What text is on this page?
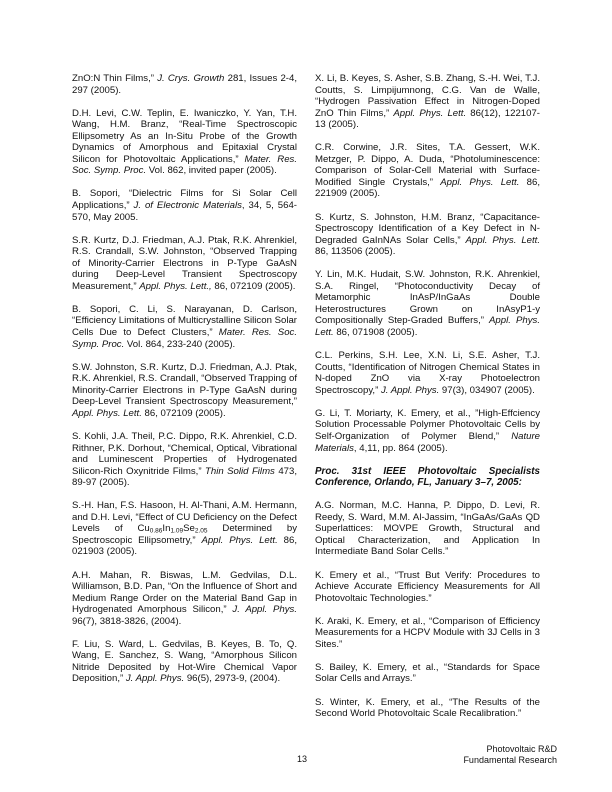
ZnO:N Thin Films,” J. Crys. Growth 281, Issues 2-4, 297 (2005).

D.H. Levi, C.W. Teplin, E. Iwaniczko, Y. Yan, T.H. Wang, H.M. Branz, “Real-Time Spectroscopic Ellipsometry As an In-Situ Probe of the Growth Dynamics of Amorphous and Epitaxial Crystal Silicon for Photovoltaic Applications,” Mater. Res. Soc. Symp. Proc. Vol. 862, invited paper (2005).

B. Sopori, “Dielectric Films for Si Solar Cell Applications,” J. of Electronic Materials, 34, 5, 564-570, May 2005.

S.R. Kurtz, D.J. Friedman, A.J. Ptak, R.K. Ahrenkiel, R.S. Crandall, S.W. Johnston, “Observed Trapping of Minority-Carrier Electrons in P-Type GaAsN during Deep-Level Transient Spectroscopy Measurement,” Appl. Phys. Lett., 86, 072109 (2005).

B. Sopori, C. Li, S. Narayanan, D. Carlson, “Efficiency Limitations of Multicrystalline Silicon Solar Cells Due to Defect Clusters,” Mater. Res. Soc. Symp. Proc. Vol. 864, 233-240 (2005).

S.W. Johnston, S.R. Kurtz, D.J. Friedman, A.J. Ptak, R.K. Ahrenkiel, R.S. Crandall, “Observed Trapping of Minority-Carrier Electrons in P-Type GaAsN during Deep-Level Transient Spectroscopy Measurement,” Appl. Phys. Lett. 86, 072109 (2005).

S. Kohli, J.A. Theil, P.C. Dippo, R.K. Ahrenkiel, C.D. Rithner, P.K. Dorhout, “Chemical, Optical, Vibrational and Luminescent Properties of Hydrogenated Silicon-Rich Oxynitride Films,” Thin Solid Films 473, 89-97 (2005).

S.-H. Han, F.S. Hasoon, H. Al-Thani, A.M. Hermann, and D.H. Levi, “Effect of CU Deficiency on the Defect Levels of $Cu_{0.86}In_{1.09}Se_{2.05}$ Determined by Spectroscopic Ellipsometry,” Appl. Phys. Lett. 86, 021903 (2005).

A.H. Mahan, R. Biswas, L.M. Gedvilas, D.L. Williamson, B.D. Pan, “On the Influence of Short and Medium Range Order on the Material Band Gap in Hydrogenated Amorphous Silicon,” J. Appl. Phys. 96(7), 3818-3826, (2004).

F. Liu, S. Ward, L. Gedvilas, B. Keyes, B. To, Q. Wang, E. Sanchez, S. Wang, “Amorphous Silicon Nitride Deposited by Hot-Wire Chemical Vapor Deposition,” J. Appl. Phys. 96(5), 2973-9, (2004).

X. Li, B. Keyes, S. Asher, S.B. Zhang, S.-H. Wei, T.J. Coutts, S. Limpijumnong, C.G. Van de Walle, “Hydrogen Passivation Effect in Nitrogen-Doped ZnO Thin Films,” Appl. Phys. Lett. 86(12), 122107-13 (2005).

C.R. Corwine, J.R. Sites, T.A. Gessert, W.K. Metzger, P. Dippo, A. Duda, “Photoluminescence: Comparison of Solar-Cell Material with Surface-Modified Single Crystals,” Appl. Phys. Lett. 86, 221909 (2005).

S. Kurtz, S. Johnston, H.M. Branz, “Capacitance-Spectroscopy Identification of a Key Defect in N-Degraded GaInNAs Solar Cells,” Appl. Phys. Lett. 86, 113506 (2005).

Y. Lin, M.K. Hudait, S.W. Johnston, R.K. Ahrenkiel, S.A. Ringel, “Photoconductivity Decay of Metamorphic InAsP/InGaAs Double Heterostructures Grown on InAsyP1-y Compositionally Step-Graded Buffers,” Appl. Phys. Lett. 86, 071908 (2005).

C.L. Perkins, S.H. Lee, X.N. Li, S.E. Asher, T.J. Coutts, “Identification of Nitrogen Chemical States in N-doped ZnO via X-ray Photoelectron Spectroscopy,” J. Appl. Phys. 97(3), 034907 (2005).

G. Li, T. Moriarty, K. Emery, et al., ”High-Effciency Solution Processable Polymer Photovoltaic Cells by Self-Organization of Polymer Blend,” Nature Materials, 4,11, pp. 864 (2005).

Proc. 31st IEEE Photovoltaic Specialists Conference, Orlando, FL, January 3–7, 2005:

A.G. Norman, M.C. Hanna, P. Dippo, D. Levi, R. Reedy, S. Ward, M.M. Al-Jassim, “InGaAs/GaAs QD Superlattices: MOVPE Growth, Structural and Optical Characterization, and Application In Intermediate Band Solar Cells.”

K. Emery et al., “Trust But Verify: Procedures to Achieve Accurate Efficiency Measurements for All Photovoltaic Technologies.”

K. Araki, K. Emery, et al., “Comparison of Efficiency Measurements for a HCPV Module with 3J Cells in 3 Sites.”

S. Bailey, K. Emery, et al., “Standards for Space Solar Cells and Arrays.”

S. Winter, K. Emery, et al., “The Results of the Second World Photovoltaic Scale Recalibration.”

13
Photovoltaic R&D
Fundamental Research
